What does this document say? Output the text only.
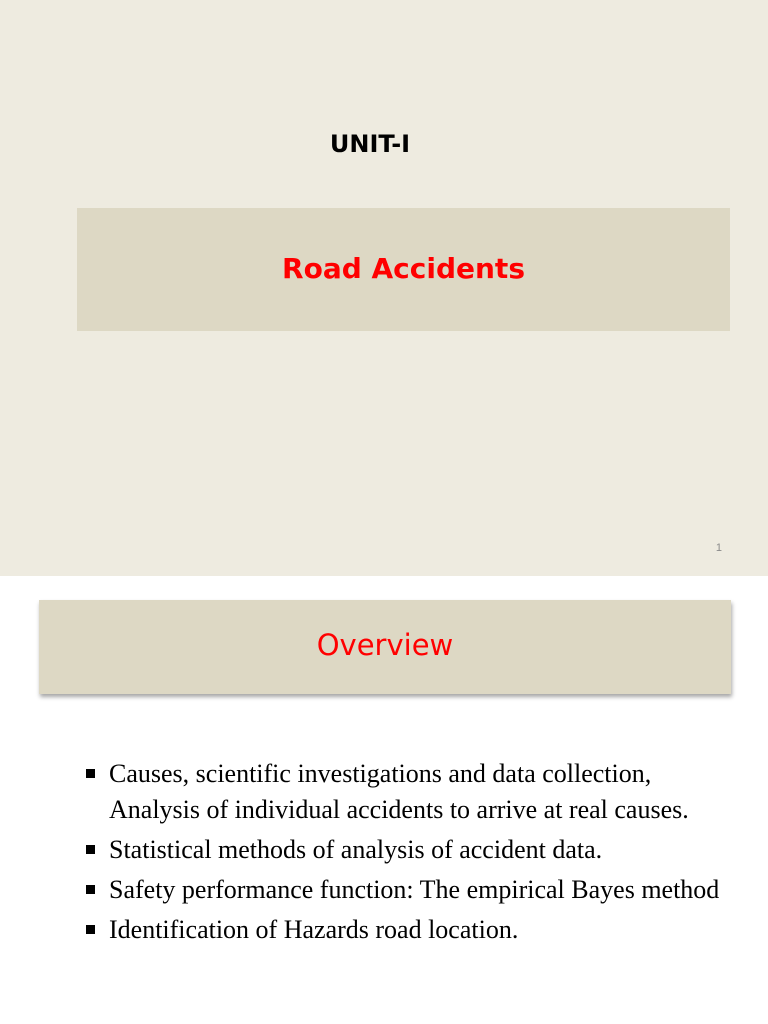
UNIT-I
Road Accidents
1
Overview
Causes, scientific investigations and data collection, Analysis of individual accidents to arrive at real causes.
Statistical methods of analysis of accident data.
Safety performance function: The empirical Bayes method
Identification of Hazards road location.
